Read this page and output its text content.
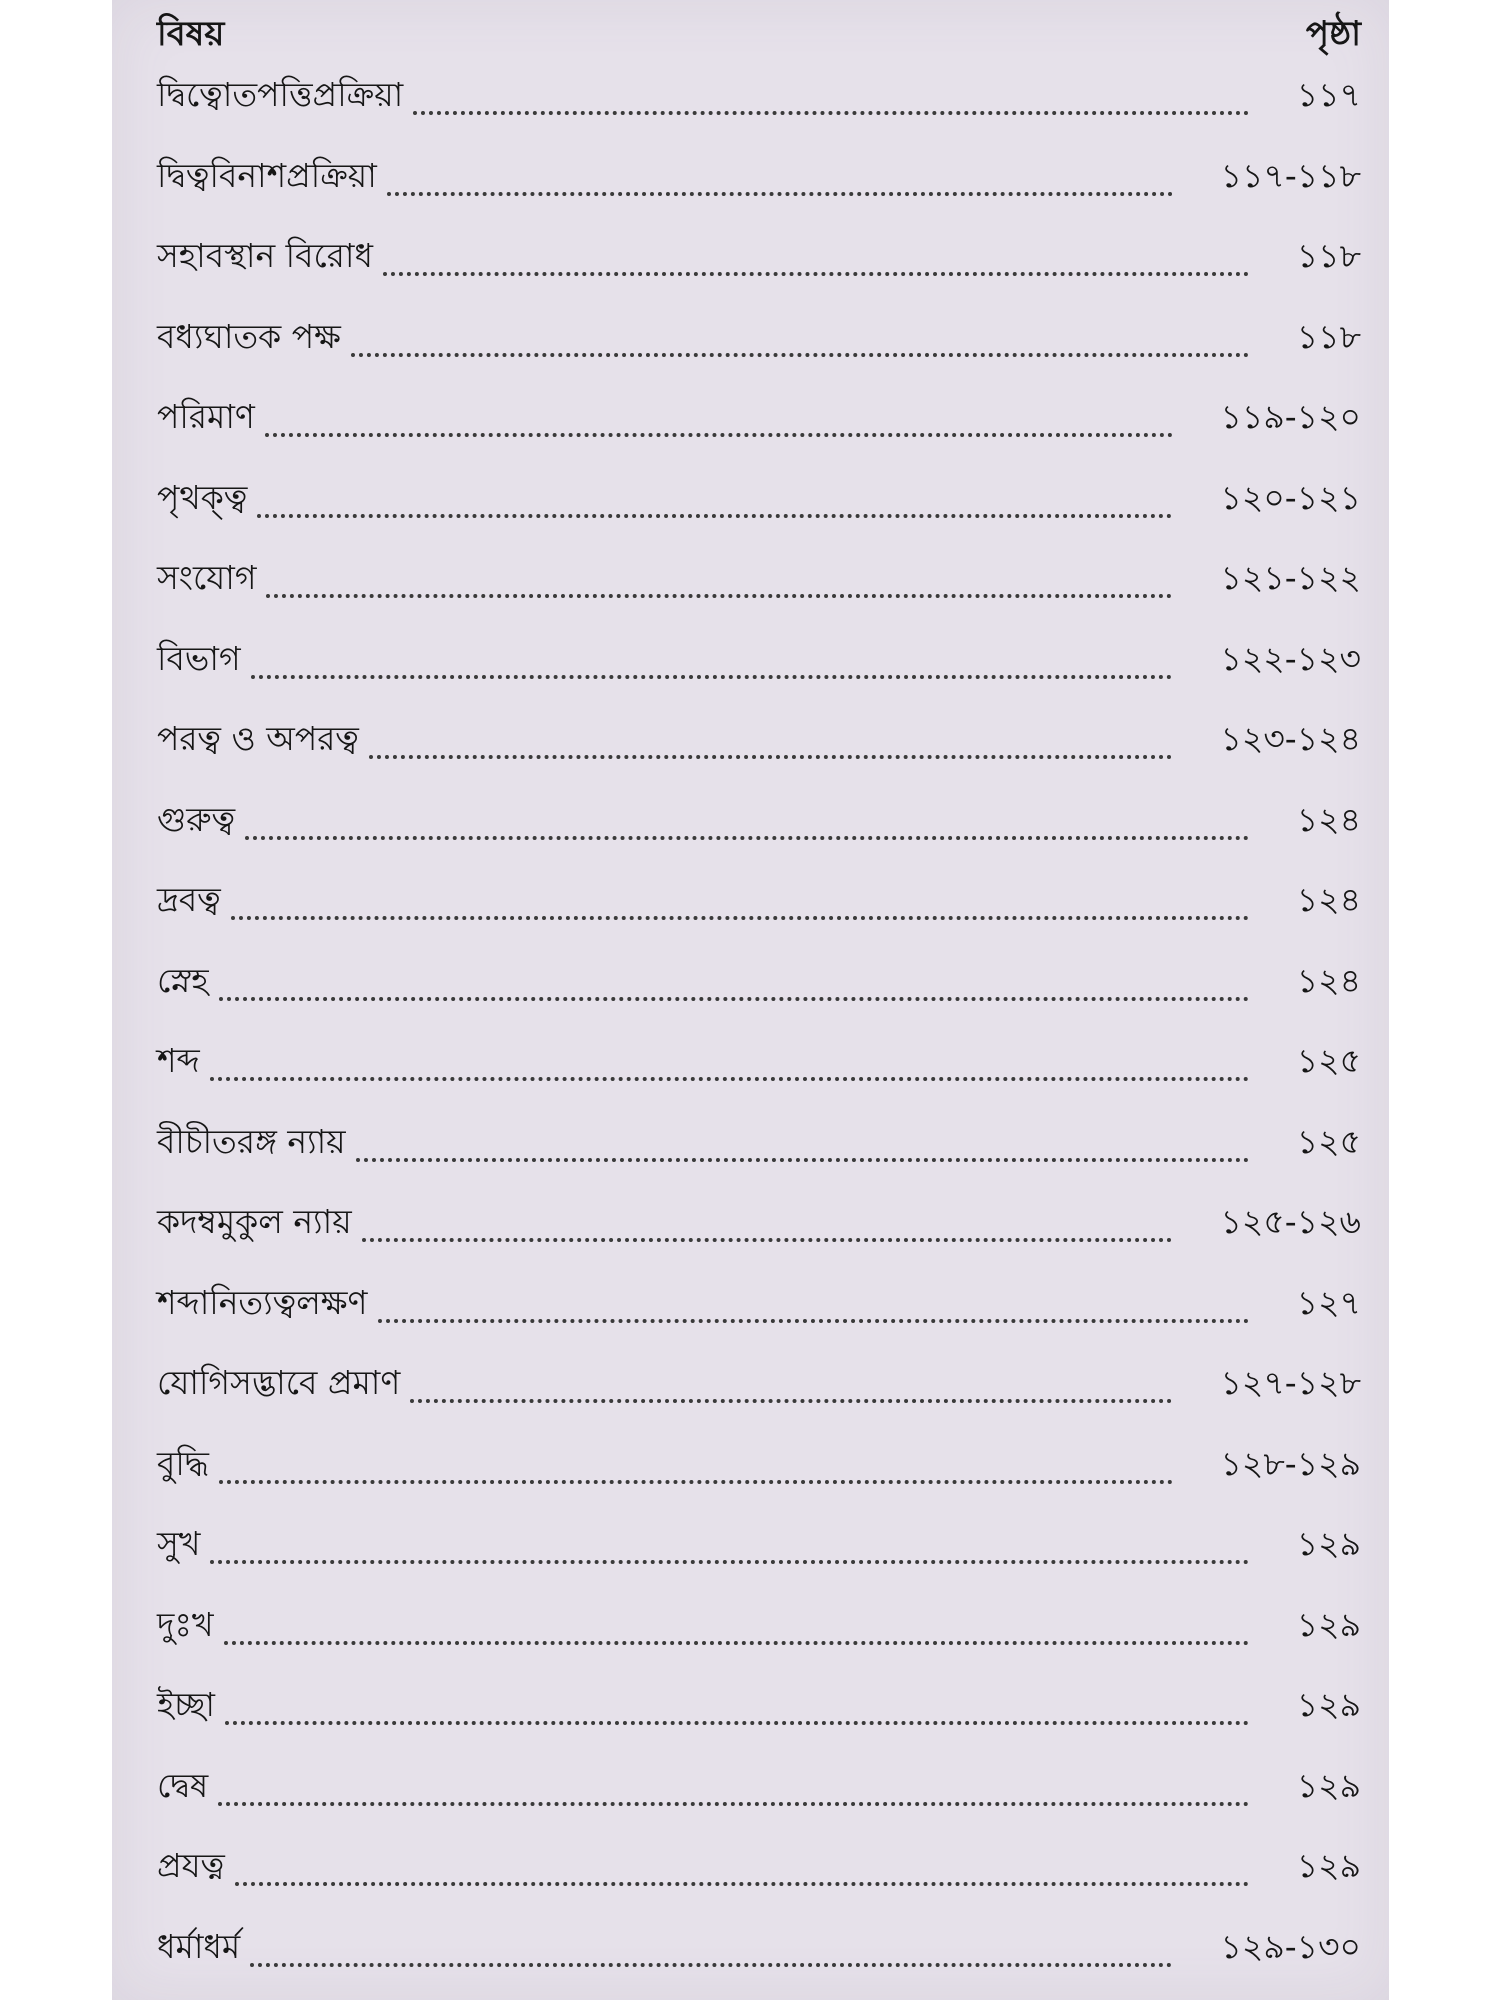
বিষয়	পৃষ্ঠা
দ্বিত্বোতপত্তিপ্রক্রিয়া	১১৭
দ্বিত্ববিনাশপ্রক্রিয়া	১১৭-১১৮
সহাবস্থান বিরোধ	১১৮
বধ্যঘাতক পক্ষ	১১৮
পরিমাণ	১১৯-১২০
পৃথক্ত্ব	১২০-১২১
সংযোগ	১২১-১২২
বিভাগ	১২২-১২৩
পরত্ব ও অপরত্ব	১২৩-১২৪
গুরুত্ব	১২৪
দ্রবত্ব	১২৪
স্নেহ	১২৪
শব্দ	১২৫
বীচীতরঙ্গ ন্যায়	১২৫
কদম্বমুকুল ন্যায়	১২৫-১২৬
শব্দানিত্যত্বলক্ষণ	১২৭
যোগিসদ্ভাবে প্রমাণ	১২৭-১২৮
বুদ্ধি	১২৮-১২৯
সুখ	১২৯
দুঃখ	১২৯
ইচ্ছা	১২৯
দ্বেষ	১২৯
প্রযত্ন	১২৯
ধর্মাধর্ম	১২৯-১৩০
